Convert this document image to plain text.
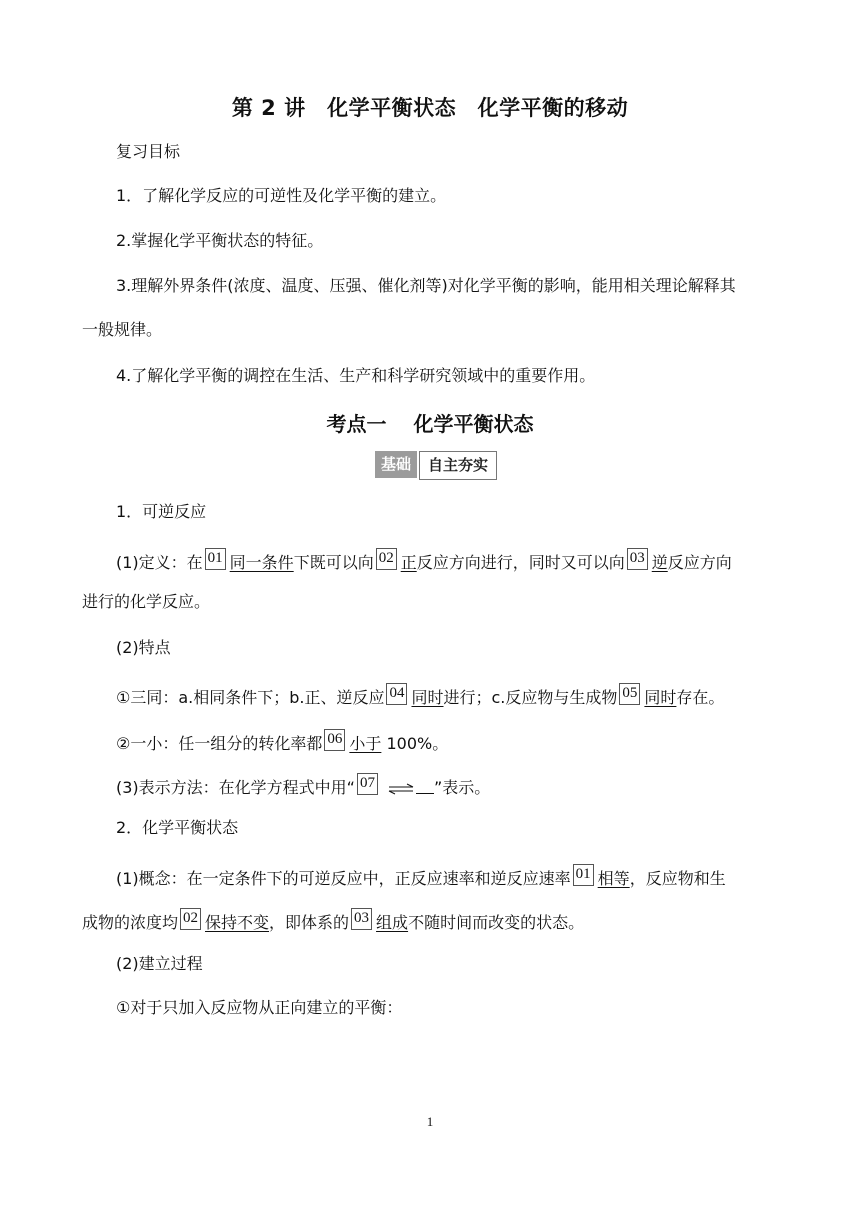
第 2 讲　化学平衡状态　化学平衡的移动
复习目标
1．了解化学反应的可逆性及化学平衡的建立。
2.掌握化学平衡状态的特征。
3.理解外界条件(浓度、温度、压强、催化剂等)对化学平衡的影响，能用相关理论解释其
一般规律。
4.了解化学平衡的调控在生活、生产和科学研究领域中的重要作用。
考点一　 化学平衡状态
基础	自主夯实
1．可逆反应
(1)定义：在 01 同一条件下既可以向 02 正反应方向进行，同时又可以向 03 逆反应方向
进行的化学反应。
(2)特点
①三同：a.相同条件下；b.正、逆反应 04 同时进行；c.反应物与生成物 05 同时存在。
②一小：任一组分的转化率都 06 小于 100%。
(3)表示方法：在化学方程式中用“ 07 ⇌ ”表示。
2．化学平衡状态
(1)概念：在一定条件下的可逆反应中，正反应速率和逆反应速率 01 相等，反应物和生
成物的浓度均 02 保持不变，即体系的 03 组成不随时间而改变的状态。
(2)建立过程
①对于只加入反应物从正向建立的平衡：
1
